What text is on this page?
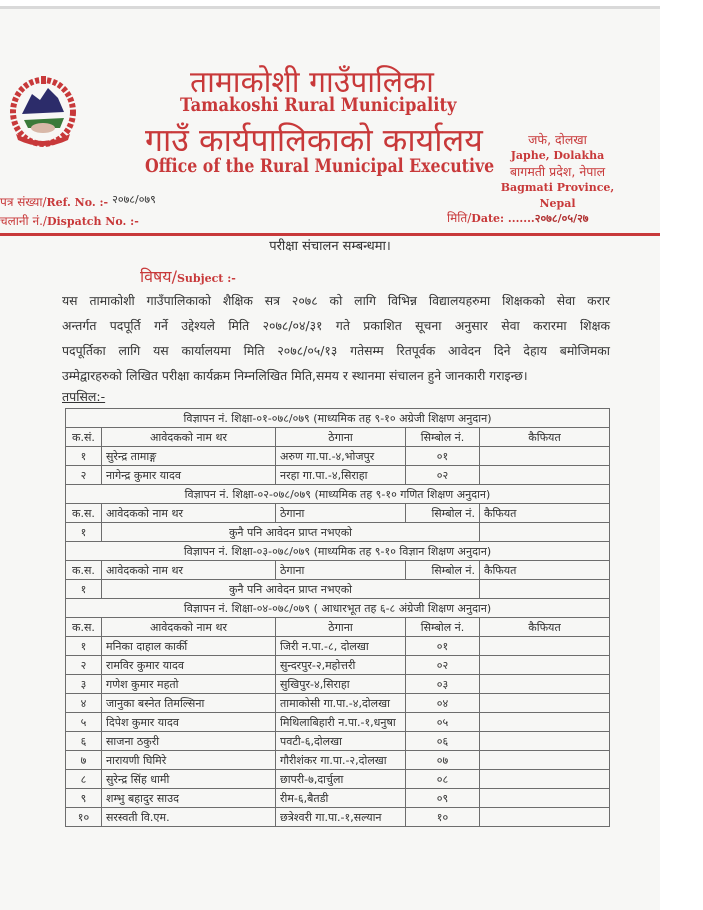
तामाकोशी गाउँपालिका
Tamakoshi Rural Municipality
गाउँ कार्यपालिकाको कार्यालय
Office of the Rural Municipal Executive
जफे, दोलखा
Japhe, Dolakha
बागमती प्रदेश, नेपाल
Bagmati Province, Nepal
पत्र संख्या/Ref. No. :- २०७८/०७९
चलानी नं./Dispatch No. :-	मिति/Date: .......२०७८/०५/२७
परीक्षा संचालन सम्बन्धमा।
विषय/Subject :-
यस तामाकोशी गाउँपालिकाको शैक्षिक सत्र २०७८ को लागि विभिन्न विद्यालयहरुमा शिक्षकको सेवा करार
अन्तर्गत पदपूर्ति गर्ने उद्देश्यले मिति २०७८/०४/३१ गते प्रकाशित सूचना अनुसार सेवा करारमा शिक्षक
पदपूर्तिका लागि यस कार्यालयमा मिति २०७८/०५/१३ गतेसम्म रितपूर्वक आवेदन दिने देहाय बमोजिमका
उम्मेद्वारहरुको लिखित परीक्षा कार्यक्रम निम्नलिखित मिति,समय र स्थानमा संचालन हुने जानकारी गराइन्छ।
तपसिल:-
विज्ञापन नं. शिक्षा-०१-०७८/०७९ (माध्यमिक तह ९-१० अग्रेजी शिक्षण अनुदान)				
क.सं.	आवेदकको नाम थर	ठेगाना	सिम्बोल नं.	कैफियत
१	सुरेन्द्र तामाङ्ग	अरुण गा.पा.-४,भोजपुर	०१	
२	नागेन्द्र कुमार यादव	नरहा गा.पा.-४,सिराहा	०२	
विज्ञापन नं. शिक्षा-०२-०७८/०७९ (माध्यमिक तह ९-१० गणित शिक्षण अनुदान)				
क.स.	आवेदकको नाम थर	ठेगाना	सिम्बोल नं.	कैफियत
१	कुनै पनि आवेदन प्राप्त नभएको			
विज्ञापन नं. शिक्षा-०३-०७८/०७९ (माध्यमिक तह ९-१० विज्ञान शिक्षण अनुदान)				
क.स.	आवेदकको नाम थर	ठेगाना	सिम्बोल नं.	कैफियत
१	कुनै पनि आवेदन प्राप्त नभएको			
विज्ञापन नं. शिक्षा-०४-०७८/०७९ ( आधारभूत तह ६-८ अंग्रेजी शिक्षण अनुदान)				
क.स.	आवेदकको नाम थर	ठेगाना	सिम्बोल नं.	कैफियत
१	मनिका दाहाल कार्की	जिरी न.पा.-८, दोलखा	०१	
२	रामविर कुमार यादव	सुन्दरपुर-२,महोत्तरी	०२	
३	गणेश कुमार महतो	सुखिपुर-४,सिराहा	०३	
४	जानुका बस्नेत तिमल्सिना	तामाकोसी गा.पा.-४,दोलखा	०४	
५	दिपेश कुमार यादव	मिथिलाबिहारी न.पा.-१,धनुषा	०५	
६	साजना ठकुरी	पवटी-६,दोलखा	०६	
७	नारायणी घिमिरे	गौरीशंकर गा.पा.-२,दोलखा	०७	
८	सुरेन्द्र सिंह धामी	छापरी-७,दार्चुला	०८	
९	शम्भु बहादुर साउद	रीम-६,बैतडी	०९	
१०	सरस्वती वि.एम.	छत्रेश्वरी गा.पा.-१,सल्यान	१०	
